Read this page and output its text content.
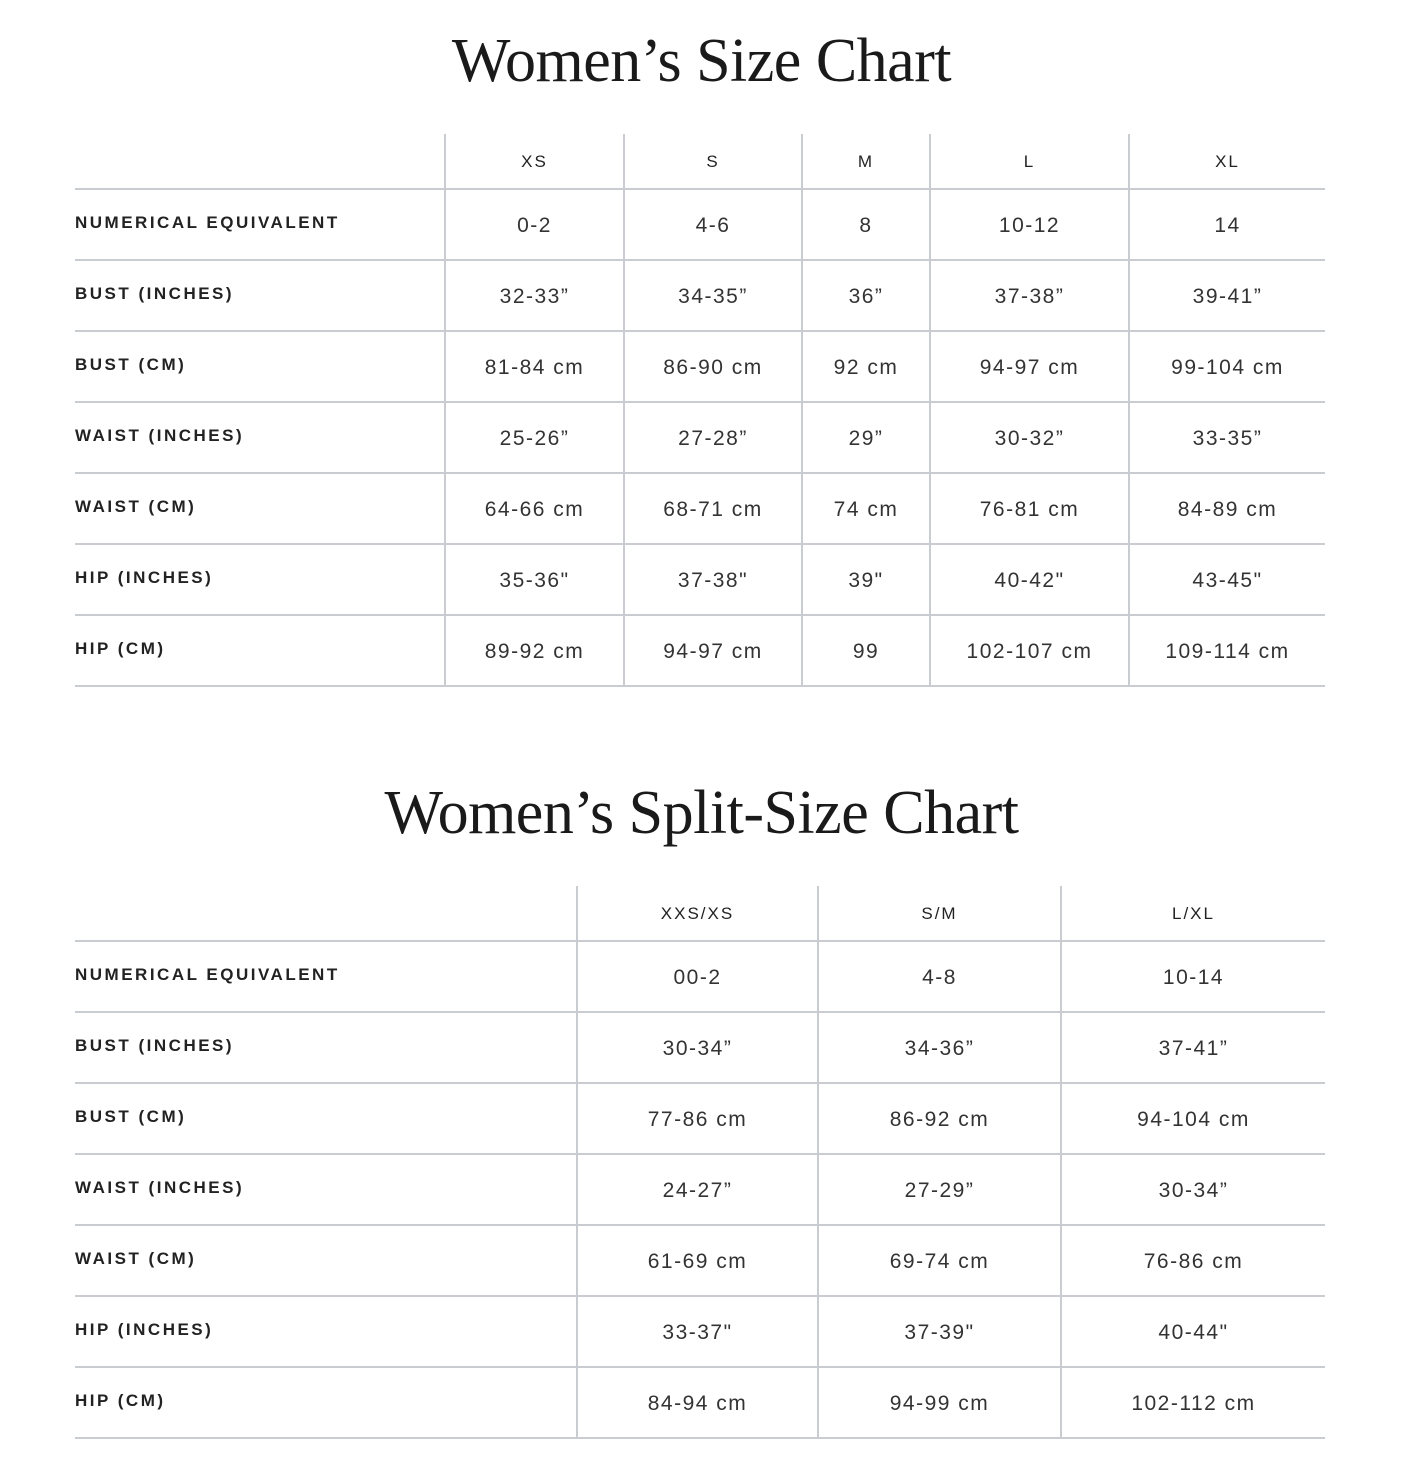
Women’s Size Chart
	XS	S	M	L	XL
NUMERICAL EQUIVALENT	0-2	4-6	8	10-12	14
BUST (INCHES)	32-33”	34-35”	36”	37-38”	39-41”
BUST (CM)	81-84 cm	86-90 cm	92 cm	94-97 cm	99-104 cm
WAIST (INCHES)	25-26”	27-28”	29”	30-32”	33-35”
WAIST (CM)	64-66 cm	68-71 cm	74 cm	76-81 cm	84-89 cm
HIP (INCHES)	35-36"	37-38"	39"	40-42"	43-45"
HIP (CM)	89-92 cm	94-97 cm	99	102-107 cm	109-114 cm
Women’s Split-Size Chart
	XXS/XS	S/M	L/XL
NUMERICAL EQUIVALENT	00-2	4-8	10-14
BUST (INCHES)	30-34”	34-36”	37-41”
BUST (CM)	77-86 cm	86-92 cm	94-104 cm
WAIST (INCHES)	24-27”	27-29”	30-34”
WAIST (CM)	61-69 cm	69-74 cm	76-86 cm
HIP (INCHES)	33-37"	37-39"	40-44"
HIP (CM)	84-94 cm	94-99 cm	102-112 cm
